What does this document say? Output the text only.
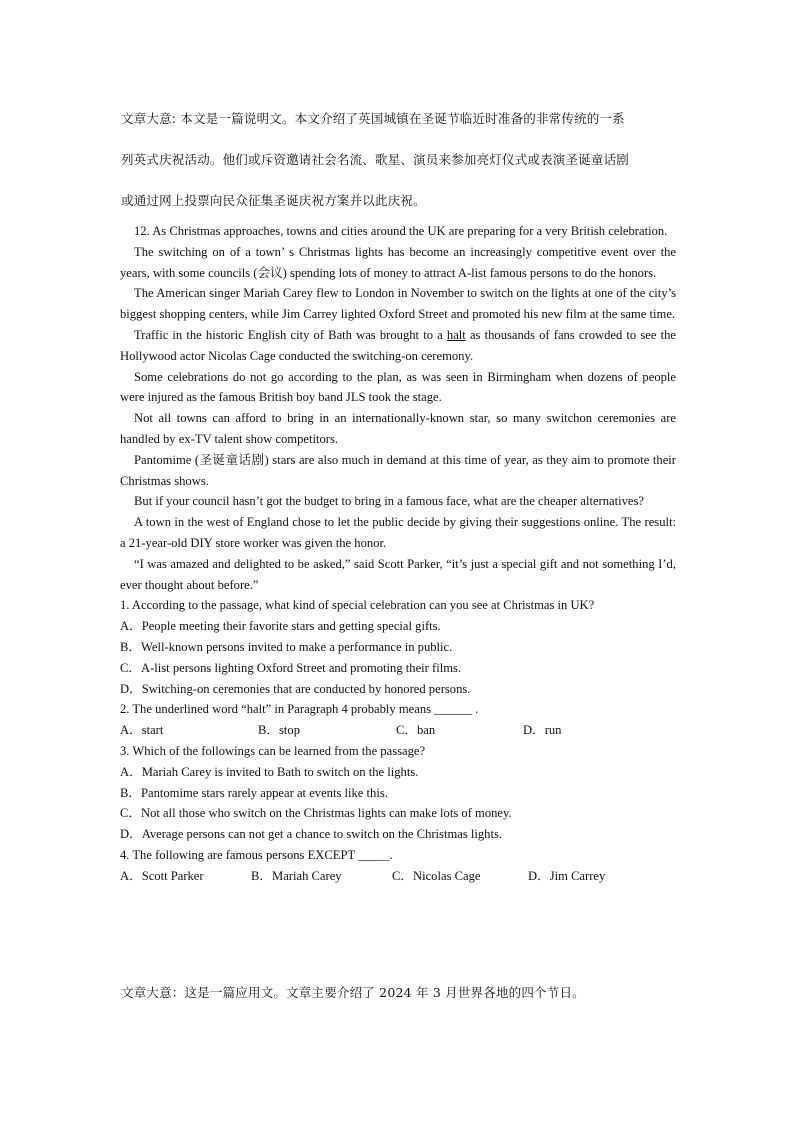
文章大意: 本文是一篇说明文。本文介绍了英国城镇在圣诞节临近时准备的非常传统的一系
列英式庆祝活动。他们或斥资邀请社会名流、歌星、演员来参加亮灯仪式或表演圣诞童话剧
或通过网上投票向民众征集圣诞庆祝方案并以此庆祝。

12. As Christmas approaches, towns and cities around the UK are preparing for a very British celebration.

The switching on of a town’ s Christmas lights has become an increasingly competitive event over the years, with some councils (会议) spending lots of money to attract A-list famous persons to do the honors.

The American singer Mariah Carey flew to London in November to switch on the lights at one of the city’s biggest shopping centers, while Jim Carrey lighted Oxford Street and promoted his new film at the same time.

Traffic in the historic English city of Bath was brought to a halt as thousands of fans crowded to see the Hollywood actor Nicolas Cage conducted the switching-on ceremony.

Some celebrations do not go according to the plan, as was seen in Birmingham when dozens of people were injured as the famous British boy band JLS took the stage.

Not all towns can afford to bring in an internationally-known star, so many switchon ceremonies are handled by ex-TV talent show competitors.

Pantomime (圣诞童话剧) stars are also much in demand at this time of year, as they aim to promote their Christmas shows.

But if your council hasn’t got the budget to bring in a famous face, what are the cheaper alternatives?

A town in the west of England chose to let the public decide by giving their suggestions online. The result: a 21-year-old DIY store worker was given the honor.

“I was amazed and delighted to be asked,” said Scott Parker, “it’s just a special gift and not something I’d, ever thought about before.”

1. According to the passage, what kind of special celebration can you see at Christmas in UK?

A．People meeting their favorite stars and getting special gifts.

B．Well-known persons invited to make a performance in public.

C．A-list persons lighting Oxford Street and promoting their films.

D．Switching-on ceremonies that are conducted by honored persons.

2. The underlined word “halt” in Paragraph 4 probably means ______ .

A．start	B．stop	C．ban	D．run

3. Which of the followings can be learned from the passage?

A．Mariah Carey is invited to Bath to switch on the lights.

B．Pantomime stars rarely appear at events like this.

C．Not all those who switch on the Christmas lights can make lots of money.

D．Average persons can not get a chance to switch on the Christmas lights.

4. The following are famous persons EXCEPT _____.

A．Scott Parker	B．Mariah Carey	C．Nicolas Cage	D．Jim Carrey
文章大意：这是一篇应用文。文章主要介绍了 2024 年 3 月世界各地的四个节日。
